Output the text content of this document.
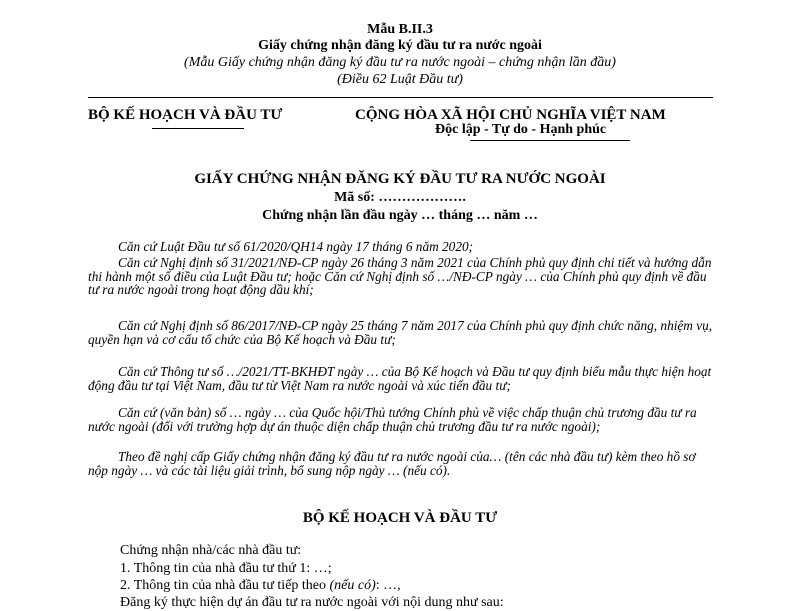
Mẫu B.II.3
Giấy chứng nhận đăng ký đầu tư ra nước ngoài
(Mẫu Giấy chứng nhận đăng ký đầu tư ra nước ngoài – chứng nhận lần đầu)
(Điều 62 Luật Đầu tư)
BỘ KẾ HOẠCH VÀ ĐẦU TƯ	CỘNG HÒA XÃ HỘI CHỦ NGHĨA VIỆT NAM
Độc lập - Tự do - Hạnh phúc
GIẤY CHỨNG NHẬN ĐĂNG KÝ ĐẦU TƯ RA NƯỚC NGOÀI
Mã số: ……………….
Chứng nhận lần đầu ngày … tháng … năm …
Căn cứ Luật Đầu tư số 61/2020/QH14 ngày 17 tháng 6 năm 2020;
Căn cứ Nghị định số 31/2021/NĐ-CP ngày 26 tháng 3 năm 2021 của Chính phủ quy định chi tiết và hướng dẫn thi hành một số điều của Luật Đầu tư; hoặc Căn cứ Nghị định số …/NĐ-CP ngày … của Chính phủ quy định về đầu tư ra nước ngoài trong hoạt động dầu khí;
Căn cứ Nghị định số 86/2017/NĐ-CP ngày 25 tháng 7 năm 2017 của Chính phủ quy định chức năng, nhiệm vụ, quyền hạn và cơ cấu tổ chức của Bộ Kế hoạch và Đầu tư;
Căn cứ Thông tư số …/2021/TT-BKHĐT ngày … của Bộ Kế hoạch và Đầu tư quy định biểu mẫu thực hiện hoạt động đầu tư tại Việt Nam, đầu tư từ Việt Nam ra nước ngoài và xúc tiến đầu tư;
Căn cứ (văn bản) số … ngày … của Quốc hội/Thủ tướng Chính phủ về việc chấp thuận chủ trương đầu tư ra nước ngoài (đối với trường hợp dự án thuộc diện chấp thuận chủ trương đầu tư ra nước ngoài);
Theo đề nghị cấp Giấy chứng nhận đăng ký đầu tư ra nước ngoài của… (tên các nhà đầu tư) kèm theo hồ sơ nộp ngày … và các tài liệu giải trình, bổ sung nộp ngày … (nếu có).
BỘ KẾ HOẠCH VÀ ĐẦU TƯ
Chứng nhận nhà/các nhà đầu tư:
1. Thông tin của nhà đầu tư thứ 1: …;
2. Thông tin của nhà đầu tư tiếp theo (nếu có): …,
Đăng ký thực hiện dự án đầu tư ra nước ngoài với nội dung như sau:
